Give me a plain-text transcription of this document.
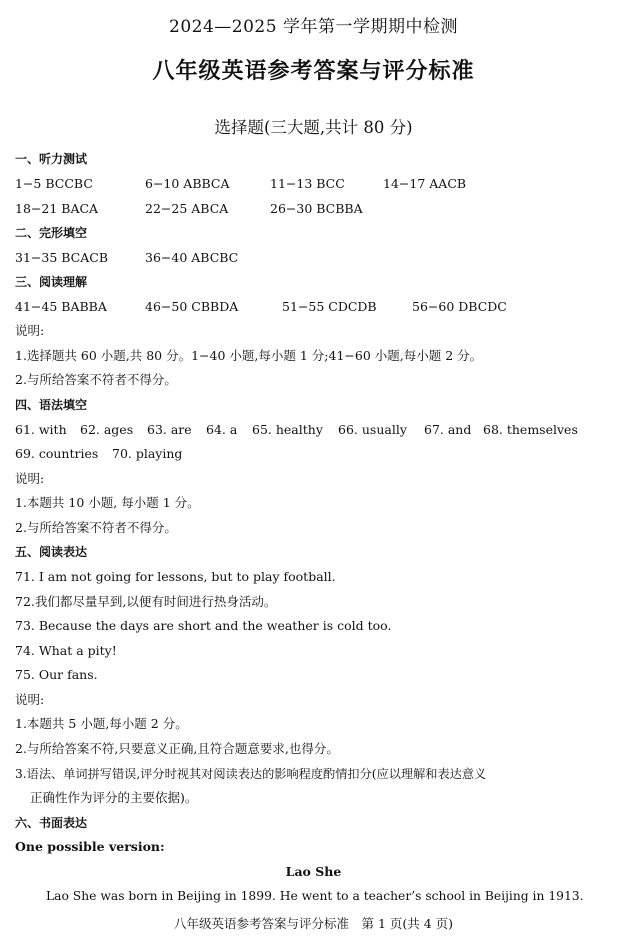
2024—2025 学年第一学期期中检测
八年级英语参考答案与评分标准
选择题(三大题,共计 80 分)
一、听力测试
1−5 BCCBC	6−10 ABBCA	11−13 BCC	14−17 AACB
18−21 BACA	22−25 ABCA	26−30 BCBBA
二、完形填空
31−35 BCACB	36−40 ABCBC
三、阅读理解
41−45 BABBA	46−50 CBBDA	51−55 CDCDB	56−60 DBCDC
说明:
1.选择题共 60 小题,共 80 分。1−40 小题,每小题 1 分;41−60 小题,每小题 2 分。
2.与所给答案不符者不得分。
四、语法填空
61. with 62. ages 63. are 64. a 65. healthy 66. usually 67. and 68. themselves
69. countries 70. playing
说明:
1.本题共 10 小题, 每小题 1 分。
2.与所给答案不符者不得分。
五、阅读表达
71. I am not going for lessons, but to play football.
72.我们都尽量早到,以便有时间进行热身活动。
73. Because the days are short and the weather is cold too.
74. What a pity!
75. Our fans.
说明:
1.本题共 5 小题,每小题 2 分。
2.与所给答案不符,只要意义正确,且符合题意要求,也得分。
3.语法、单词拼写错误,评分时视其对阅读表达的影响程度酌情扣分(应以理解和表达意义
正确性作为评分的主要依据)。
六、书面表达
One possible version:
Lao She
Lao She was born in Beijing in 1899. He went to a teacher’s school in Beijing in 1913.
八年级英语参考答案与评分标准　第 1 页(共 4 页)
